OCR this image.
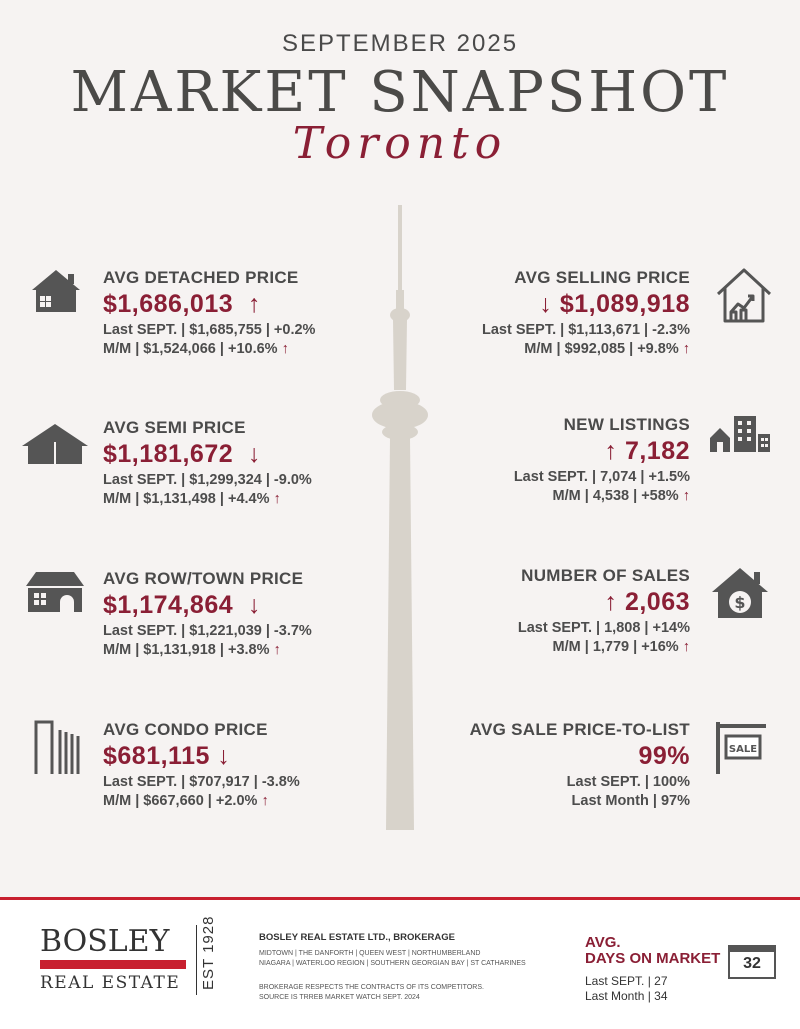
SEPTEMBER 2025
MARKET SNAPSHOT
Toronto
AVG DETACHED PRICE
$1,686,013  ↑
Last SEPT. | $1,685,755 | +0.2%
M/M | $1,524,066 | +10.6% ↑
AVG SEMI PRICE
$1,181,672  ↓
Last SEPT. | $1,299,324 | -9.0%
M/M | $1,131,498 | +4.4% ↑
AVG ROW/TOWN PRICE
$1,174,864  ↓
Last SEPT. | $1,221,039 | -3.7%
M/M | $1,131,918 | +3.8% ↑
AVG CONDO PRICE
$681,115 ↓
Last SEPT. | $707,917 | -3.8%
M/M | $667,660 | +2.0% ↑
AVG SELLING PRICE
↓ $1,089,918
Last SEPT. | $1,113,671 | -2.3%
M/M | $992,085 | +9.8% ↑
NEW LISTINGS
↑ 7,182
Last SEPT. | 7,074 | +1.5%
M/M | 4,538 | +58% ↑
NUMBER OF SALES
↑ 2,063
Last SEPT. | 1,808 | +14%
M/M | 1,779 | +16% ↑
$
AVG SALE PRICE-TO-LIST
99%
Last SEPT. | 100%
Last Month | 97%
SALE
BOSLEY
REAL ESTATE	EST 1928	BOSLEY REAL ESTATE LTD., BROKERAGE
MIDTOWN | THE DANFORTH | QUEEN WEST | NORTHUMBERLAND
NIAGARA | WATERLOO REGION | SOUTHERN GEORGIAN BAY | ST CATHARINES
BROKERAGE RESPECTS THE CONTRACTS OF ITS COMPETITORS.
SOURCE IS TRREB MARKET WATCH SEPT. 2024
AVG.
DAYS ON MARKET
Last SEPT. | 27
Last Month | 34
32
